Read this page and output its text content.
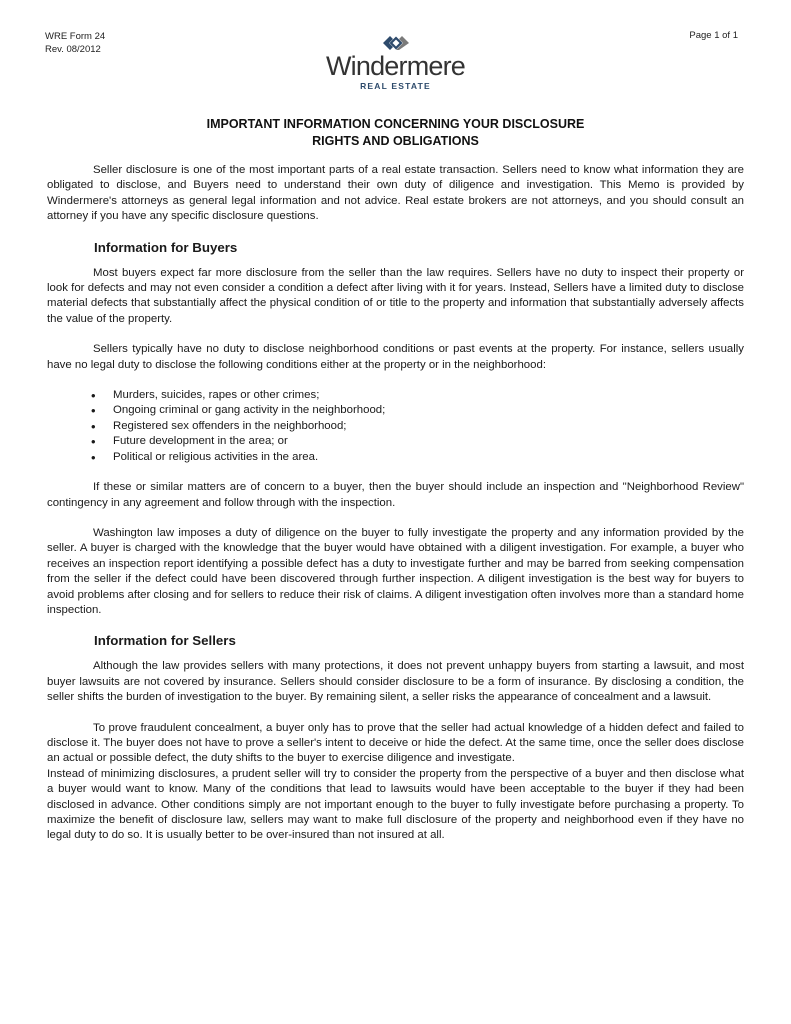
WRE Form 24
Rev. 08/2012
Page 1 of 1
Windermere
REAL ESTATE
IMPORTANT INFORMATION CONCERNING YOUR DISCLOSURE
RIGHTS AND OBLIGATIONS

Seller disclosure is one of the most important parts of a real estate transaction. Sellers need to know what information they are obligated to disclose, and Buyers need to understand their own duty of diligence and investigation. This Memo is provided by Windermere's attorneys as general legal information and not advice. Real estate brokers are not attorneys, and you should consult an attorney if you have any specific disclosure questions.

Information for Buyers

Most buyers expect far more disclosure from the seller than the law requires. Sellers have no duty to inspect their property or look for defects and may not even consider a condition a defect after living with it for years. Instead, Sellers have a limited duty to disclose material defects that substantially affect the physical condition of or title to the property and information that substantially adversely affects the value of the property.

Sellers typically have no duty to disclose neighborhood conditions or past events at the property. For instance, sellers usually have no legal duty to disclose the following conditions either at the property or in the neighborhood:

• Murders, suicides, rapes or other crimes;
• Ongoing criminal or gang activity in the neighborhood;
• Registered sex offenders in the neighborhood;
• Future development in the area; or
• Political or religious activities in the area.

If these or similar matters are of concern to a buyer, then the buyer should include an inspection and "Neighborhood Review" contingency in any agreement and follow through with the inspection.

Washington law imposes a duty of diligence on the buyer to fully investigate the property and any information provided by the seller. A buyer is charged with the knowledge that the buyer would have obtained with a diligent investigation. For example, a buyer who receives an inspection report identifying a possible defect has a duty to investigate further and may be barred from seeking compensation from the seller if the defect could have been discovered through further inspection. A diligent investigation is the best way for buyers to avoid problems after closing and for sellers to reduce their risk of claims. A diligent investigation often involves more than a standard home inspection.

Information for Sellers

Although the law provides sellers with many protections, it does not prevent unhappy buyers from starting a lawsuit, and most buyer lawsuits are not covered by insurance. Sellers should consider disclosure to be a form of insurance. By disclosing a condition, the seller shifts the burden of investigation to the buyer. By remaining silent, a seller risks the appearance of concealment and a lawsuit.

To prove fraudulent concealment, a buyer only has to prove that the seller had actual knowledge of a hidden defect and failed to disclose it. The buyer does not have to prove a seller's intent to deceive or hide the defect. At the same time, once the seller does disclose an actual or possible defect, the duty shifts to the buyer to exercise diligence and investigate.

Instead of minimizing disclosures, a prudent seller will try to consider the property from the perspective of a buyer and then disclose what a buyer would want to know. Many of the conditions that lead to lawsuits would have been acceptable to the buyer if they had been disclosed in advance. Other conditions simply are not important enough to the buyer to fully investigate before purchasing a property. To maximize the benefit of disclosure law, sellers may want to make full disclosure of the property and neighborhood even if they have no legal duty to do so. It is usually better to be over-insured than not insured at all.
